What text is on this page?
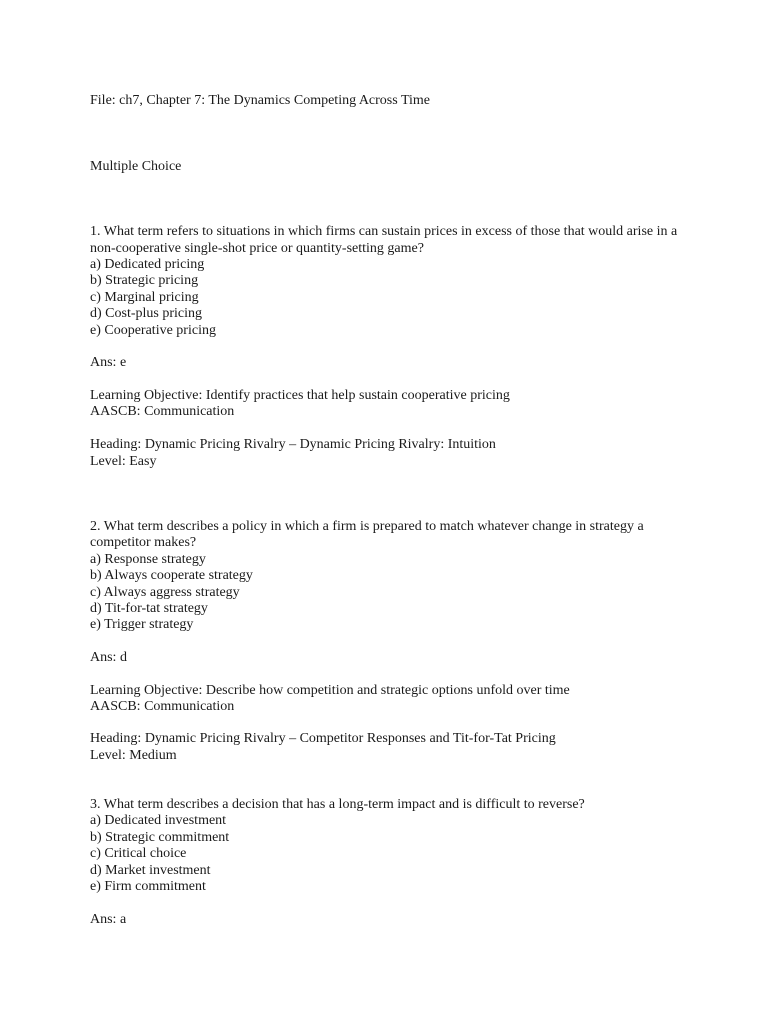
File: ch7, Chapter 7: The Dynamics Competing Across Time
Multiple Choice
1. What term refers to situations in which firms can sustain prices in excess of those that would arise in a
non-cooperative single-shot price or quantity-setting game?
a) Dedicated pricing
b) Strategic pricing
c) Marginal pricing
d) Cost-plus pricing
e) Cooperative pricing
Ans: e
Learning Objective: Identify practices that help sustain cooperative pricing
AASCB: Communication
Heading: Dynamic Pricing Rivalry – Dynamic Pricing Rivalry: Intuition
Level: Easy
2. What term describes a policy in which a firm is prepared to match whatever change in strategy a
competitor makes?
a) Response strategy
b) Always cooperate strategy
c) Always aggress strategy
d) Tit-for-tat strategy
e) Trigger strategy
Ans: d
Learning Objective: Describe how competition and strategic options unfold over time
AASCB: Communication
Heading: Dynamic Pricing Rivalry – Competitor Responses and Tit-for-Tat Pricing
Level: Medium
3. What term describes a decision that has a long-term impact and is difficult to reverse?
a) Dedicated investment
b) Strategic commitment
c) Critical choice
d) Market investment
e) Firm commitment
Ans: a
